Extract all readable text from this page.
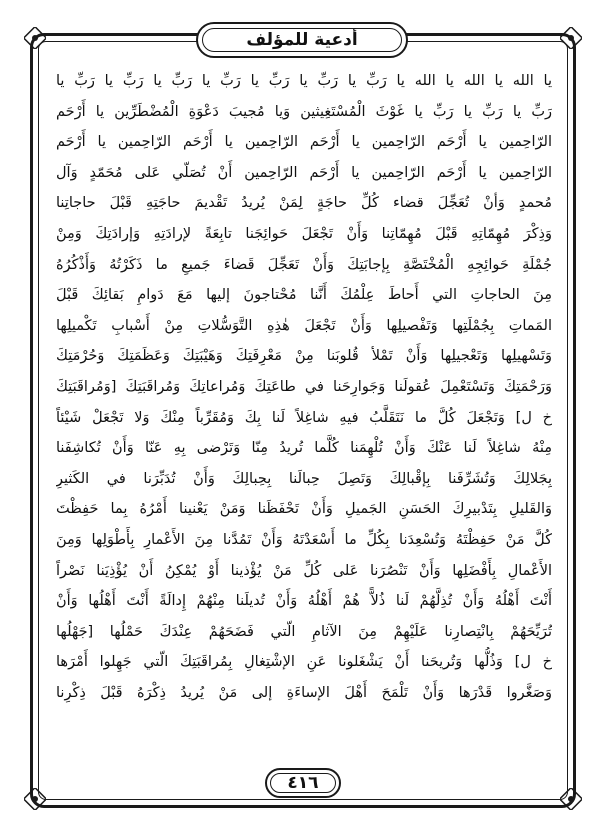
أدعية للمؤلف
يا الله يا الله يا الله يا رَبِّ يا رَبِّ يا رَبِّ يا رَبِّ يا رَبِّ يا رَبِّ يا رَبِّ يا
رَبِّ يا رَبِّ يا رَبِّ يا غَوْثَ الْمُسْتَغِيثين وَيا مُجيبَ دَعْوَةِ الْمُضْطَرِّين يا أَرْحَم
الرّاحِمين يا أَرْحَم الرّاحِمين يا أَرْحَم الرّاحِمين يا أَرْحَم الرّاحِمين يا أَرْحَم
الرّاحِمين يا أَرْحَم الرّاحِمين يا أَرْحَم الرّاحِمين أَنْ تُصَلّي عَلى مُحَمّدٍ وَآل
مُحمدٍ وَأنْ تُعَجِّلَ قضاء كُلِّ حاجَةٍ لِمَنْ يُريدُ تَقْديمَ حاجَتِهِ قَبْلَ حاجاتِنا
وَذِكْرَ مُهِمّاتِهِ قَبْلَ مُهِمّاتِنا وَأَنْ تَجْعَلَ حَوائِجَنا تابِعَةً لإرادَتِهِ وَإرادَتِكَ وَمِنْ
جُمْلَةِ حَوائِجِهِ الْمُخْتَصَّةِ بِإجابَتِكَ وَأَنْ تَعَجِّلَ قَضاءَ جَميعِ ما ذَكَرْتُهُ وَأَذْكُرُهُ
مِنَ الحاجاتِ التي أَحاطَ عِلْمُكَ أَنَّنا مُحْتاجونَ إليها مَعَ دَوامِ بَقائِكَ قَبْلَ
المَماتِ بِجُمْلَتِها وَتَفْصيلِها وَأَنْ تَجْعَلَ هٰذِهِ التَّوَسُّلاتِ مِنْ أَسْبابِ تَكْميلِها
وَتَسْهيلِها وَتَعْجيلِها وَأَنْ تَمْلأ قُلوبَنا مِنْ مَعْرِفَتِكَ وَهَيْبَتِكَ وَعَظَمَتِكَ وَحُرْمَتِكَ
وَرَحْمَتِكَ وَتَسْتَعْمِلَ عُقولَنا وَجَوارِحَنا في طاعَتِكَ وَمُراعاتِكَ وَمُراقَبَتِكَ [وَمُراقَبَتِكَ
خ ل] وَتَجْعَلَ كُلَّ ما نَتَقَلَّبُ فيهِ شاغِلاً لَنا بِكَ وَمُقَرِّباً مِنْكَ وَلا تَجْعَلْ شَيْئاً
مِنْهُ شاغِلاً لَنا عَنْكَ وَأَنْ تُلْهِمَنا كُلَّما تُريدُ مِنّا وَتَرْضى بِهِ عَنّا وَأَنْ تُكاشِفَنا
بِجَلالِكَ وَتُشَرِّفَنا بِإقْبالِكَ وَتَصِلَ حِبالَنا بِحِبالِكَ وَأَنْ تُدَبِّرَنا في الكَثيرِ
وَالقَليلِ بِتَدْبيرِكَ الحَسَنِ الجَميلِ وَأَنْ تَحْفَظَنا وَمَنْ يَعْنينا أَمْرُهُ بِما حَفِظْتَ
كُلَّ مَنْ حَفِظْتَهُ وَتُسْعِدَنا بِكُلِّ ما أَسْعَدْتَهُ وَأَنْ تَمُدَّنا مِنَ الأَعْمارِ بِأَطْوَلِها وَمِنَ
الأَعْمالِ بِأَفْضَلِها وَأَنْ تَنْصُرَنا عَلى كُلِّ مَنْ يُؤْذينا أَوْ يُمْكِنُ أَنْ يُؤْذِيَنا نَصْراً
أَنْتَ أَهْلُهُ وَأَنْ تُذِلَّهُمْ لَنا ذُلاًّ هُمْ أَهْلُهُ وَأَنْ تُديلَنا مِنْهُمْ إِدالَةً أَنْتَ أَهْلُها وَأَنْ
تُرَيِّحَهُمْ بِانْتِصارِنا عَلَيْهِمْ مِنَ الآثامِ الّتي فَضَحَهُمْ عِنْدَكَ حَمْلُها [جَهْلُها
خ ل] وَذُلُّها وَتُريحَنا أَنْ يَشْغَلونا عَنِ الإشْتِغالِ بِمُراقَبَتِكَ الّتي جَهِلوا أَمْرَها
وَصَغَّروا قَدْرَها وَأَنْ تَلْمَحَ أَهْلَ الإساءَةِ إلى مَنْ يُريدُ ذِكْرَهُ قَبْلَ ذِكْرِنا
٤١٦
